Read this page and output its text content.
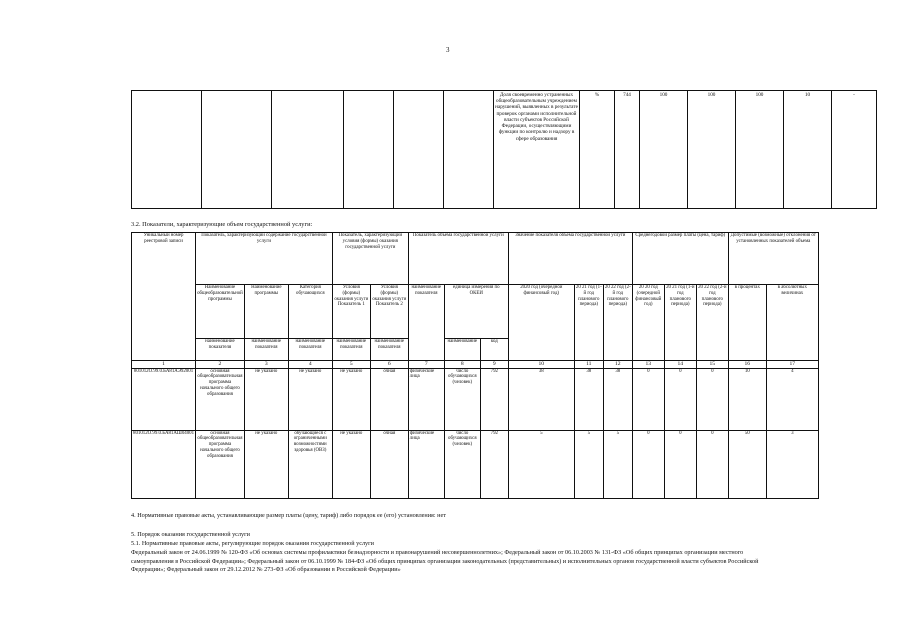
3
						Доля своевременно устраненных общеобразовательным учреждением нарушений, выявленных в результате проверок органами исполнительной власти субъектов Российской Федерации, осуществляющими функции по контролю и надзору в сфере образования	%	744	100	100	100	10	-
3.2. Показатели, характеризующие объем государственной услуги:
Уникальный номер реестровой записи	Показатель, характеризующий содержание государственной услуги			Показатель, характеризующий условия (формы) оказания государственной услуги		Показатель объема государственной услуги			Значение показателя объема государственной услуги			Среднегодовой размер платы (цена, тариф)			Допустимые (возможные) отклонения от установленных показателей объема	
	Наименование общеобразовательной программы	Наименование программы	Категория обучающихся	Условия (формы) оказания услуги Показатель 1	Условия (формы) оказания услуги Показатель 2	наименование показателя	единица измерения по ОКЕИ		2020 год (очередной финансовый год)	20 21 год (1-й год планового периода)	20 22 год (2-й год планового периода)	20 20 год (очередной финансовый год)	20 21 год (1-й год планового периода)	20 22 год (2-й год планового периода)	в процентах	в абсолютных величинах
	наименование показателя	наименование показателя	наименование показателя	наименование показателя	наименование показателя		наименование	код								
1	2	3	4	5	6	7	8	9	10	11	12	13	14	15	16	17
801012О.99.0.БА81АЭ92001	основная общеобразовательная программа начального общего образования	не указано	не указано	не указано	очная	физические лица	число обучающихся (человек)	792	38	38	38	0	0	0	10	4
801012О.99.0.БА81АШ04001	основная общеобразовательная программа начального общего образования	не указано	обучающиеся с ограниченными возможностями здоровья (ОВЗ)	не указано	очная	физические лица	число обучающихся (человек)	792	5	5	5	0	0	0	50	3
4. Нормативные правовые акты, устанавливающие размер платы (цену, тариф) либо порядок ее (его) установления: нет
5. Порядок оказания государственной услуги
5.1. Нормативные правовые акты, регулирующие порядок оказания государственной услуги
Федеральный закон от 24.06.1999 № 120-ФЗ «Об основах системы профилактики безнадзорности и правонарушений несовершеннолетних»; Федеральный закон от 06.10.2003 № 131-ФЗ «Об общих принципах организации местного самоуправления в Российской Федерации»; Федеральный закон от 06.10.1999 № 184-ФЗ «Об общих принципах организации законодательных (представительных) и исполнительных органов государственной власти субъектов Российской Федерации»; Федеральный закон от 29.12.2012 № 273-ФЗ «Об образовании в Российской Федерации»
